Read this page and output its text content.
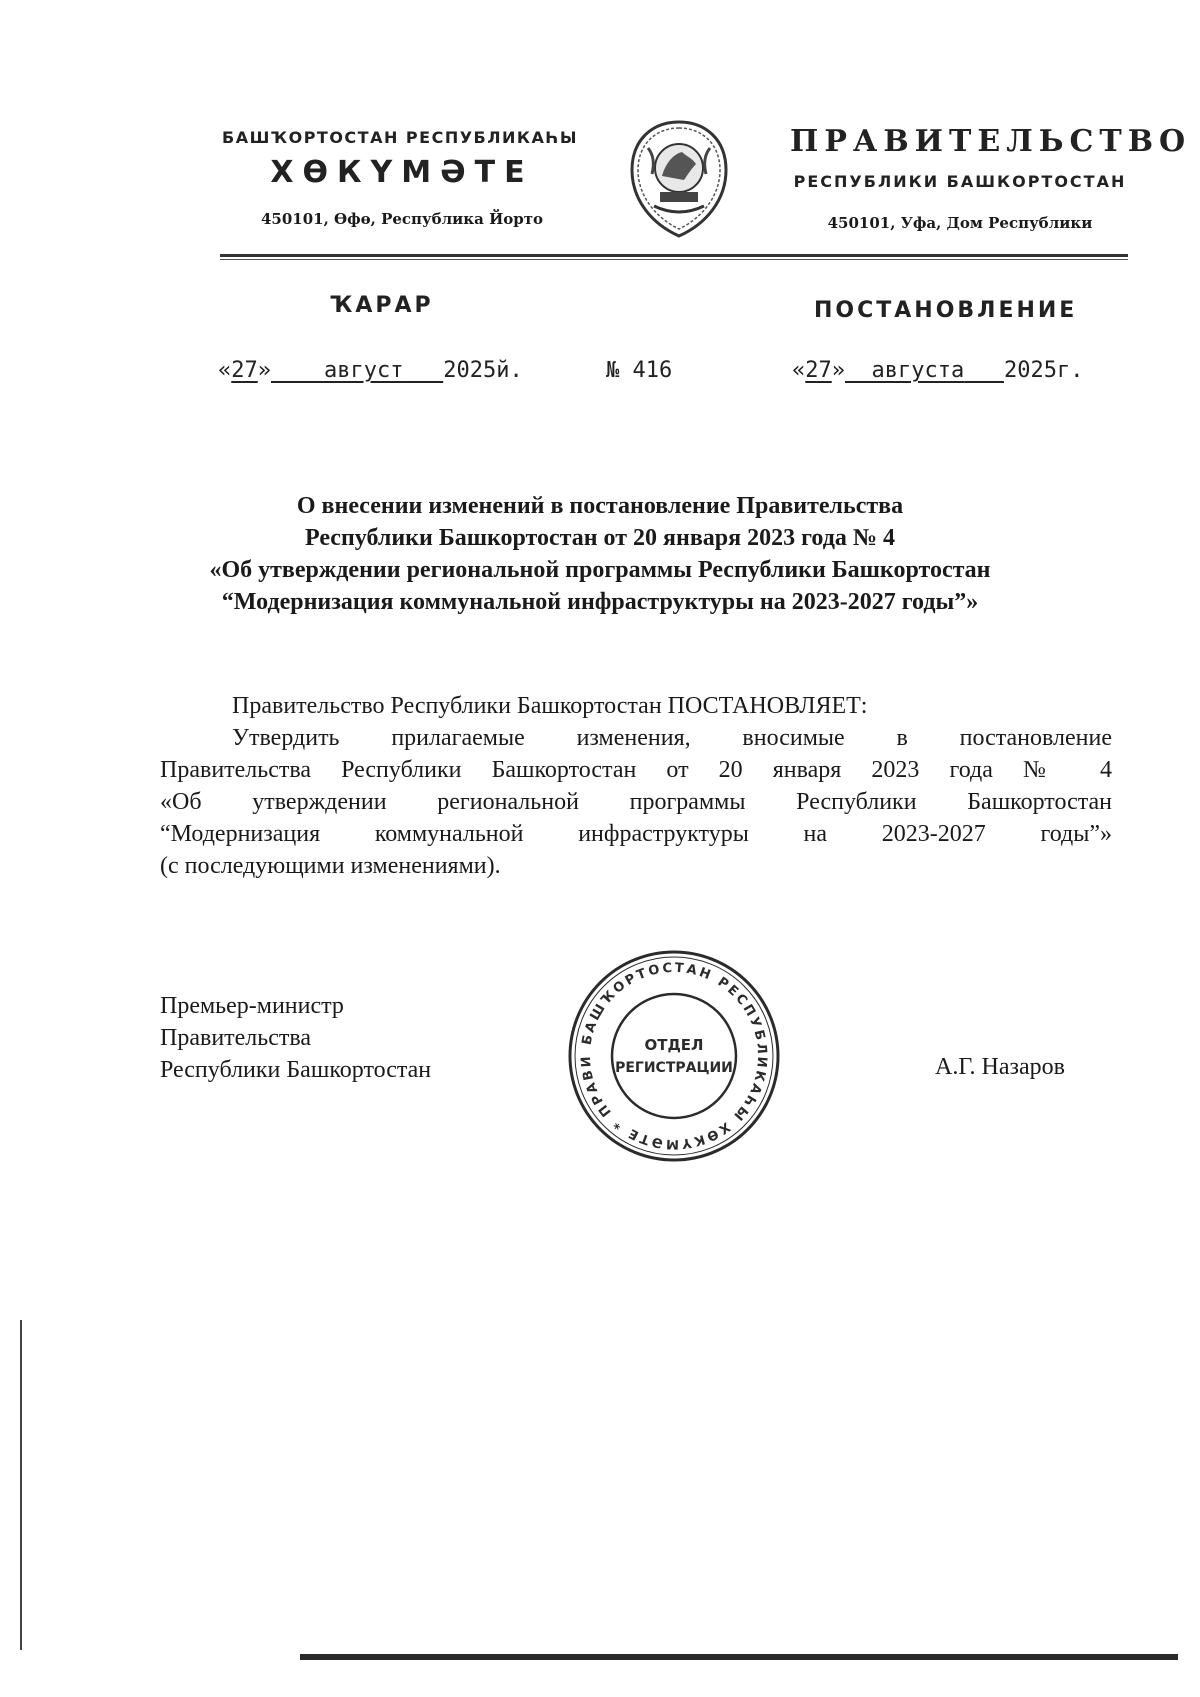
БАШҠОРТОСТАН РЕСПУБЛИКАҺЫ
ХӨКҮМӘТЕ
450101, Өфө, Республика Йорто
ПРАВИТЕЛЬСТВО
РЕСПУБЛИКИ БАШКОРТОСТАН
450101, Уфа, Дом Республики
ҠАРАР	ПОСТАНОВЛЕНИЕ
«27» август 2025й.	№ 416	«27» августа 2025г.
О внесении изменений в постановление Правительства
Республики Башкортостан от 20 января 2023 года № 4
«Об утверждении региональной программы Республики Башкортостан
“Модернизация коммунальной инфраструктуры на 2023-2027 годы”»
Правительство Республики Башкортостан ПОСТАНОВЛЯЕТ:
Утвердить прилагаемые изменения, вносимые в постановление
Правительства Республики Башкортостан от 20 января 2023 года № 4
«Об утверждении региональной программы Республики Башкортостан
“Модернизация коммунальной инфраструктуры на 2023-2027 годы”»
(с последующими изменениями).
Премьер-министр
Правительства
Республики Башкортостан	А.Г. Назаров
БАШҠОРТОСТАН РЕСПУБЛИКАҺЫ ХӨКҮМӘТЕ * ПРАВИ
ОТДЕЛ
РЕГИСТРАЦИИ
